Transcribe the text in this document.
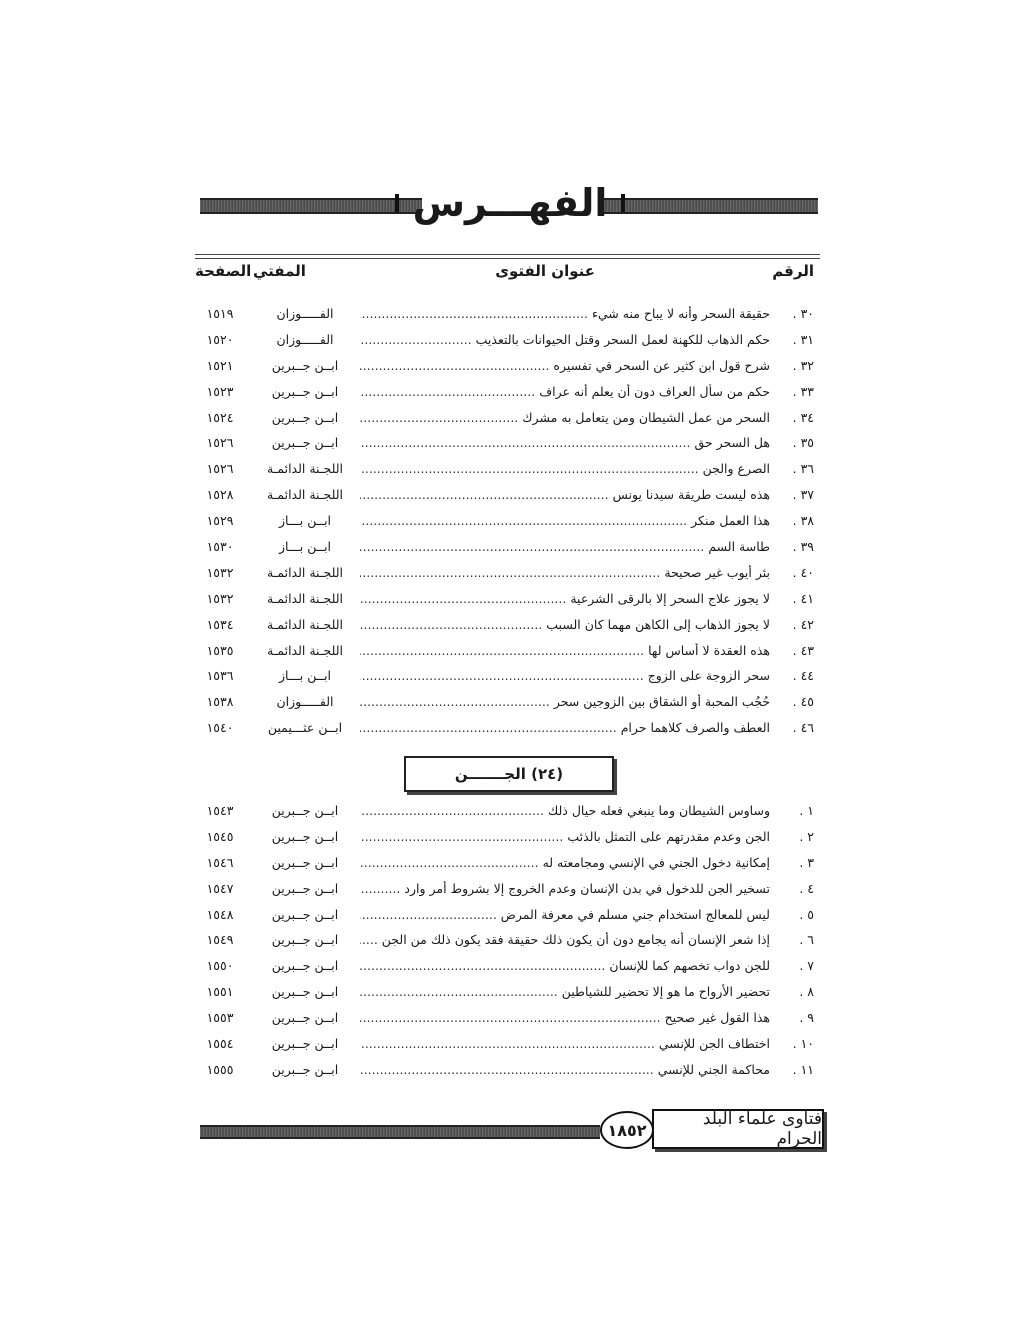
الفهـــرس
الرقم
عنوان الفتوى
المفتي
الصفحة
٣٠ .
حقيقة السحر وأنه لا يباح منه شيء .....
الفـــــوزان
١٥١٩
٣١ .
حكم الذهاب للكهنة لعمل السحر وقتل الحيوانات بالتعذيب .....
الفـــــوزان
١٥٢٠
٣٢ .
شرح قول ابن كثير عن السحر في تفسيره .....
ابــن جــبرين
١٥٢١
٣٣ .
حكم من سأل العراف دون أن يعلم أنه عراف .....
ابــن جــبرين
١٥٢٣
٣٤ .
السحر من عمل الشيطان ومن يتعامل به مشرك .....
ابــن جــبرين
١٥٢٤
٣٥ .
هل السحر حق .....
ابــن جــبرين
١٥٢٦
٣٦ .
الصرع والجن .....
اللجـنة الدائمـة
١٥٢٦
٣٧ .
هذه ليست طريقة سيدنا يونس .....
اللجـنة الدائمـة
١٥٢٨
٣٨ .
هذا العمل منكر .....
ابــن بـــاز
١٥٢٩
٣٩ .
طاسة السم .....
ابــن بـــاز
١٥٣٠
٤٠ .
بئر أيوب غير صحيحة .....
اللجـنة الدائمـة
١٥٣٢
٤١ .
لا يجوز علاج السحر إلا بالرقى الشرعية .....
اللجـنة الدائمـة
١٥٣٢
٤٢ .
لا يجوز الذهاب إلى الكاهن مهما كان السبب .....
اللجـنة الدائمـة
١٥٣٤
٤٣ .
هذه العقدة لا أساس لها .....
اللجـنة الدائمـة
١٥٣٥
٤٤ .
سحر الزوجة على الزوج .....
ابــن بـــاز
١٥٣٦
٤٥ .
حُجُب المحبة أو الشقاق بين الزوجين سحر .....
الفـــــوزان
١٥٣٨
٤٦ .
العطف والصرف كلاهما حرام .....
ابــن عثـــيمين
١٥٤٠
(٢٤)

الجـــــــن
١ .
وساوس الشيطان وما ينبغي فعله حيال ذلك .....
ابــن جــبرين
١٥٤٣
٢ .
الجن وعدم مقدرتهم على التمثل بالذئب .....
ابــن جــبرين
١٥٤٥
٣ .
إمكانية دخول الجني في الإنسي ومجامعته له .....
ابــن جــبرين
١٥٤٦
٤ .
تسخير الجن للدخول في بدن الإنسان وعدم الخروج إلا بشروط أمر وارد .....
ابــن جــبرين
١٥٤٧
٥ .
ليس للمعالج استخدام جني مسلم في معرفة المرض .....
ابــن جــبرين
١٥٤٨
٦ .
إذا شعر الإنسان أنه يجامع دون أن يكون ذلك حقيقة فقد يكون ذلك من الجن .....
ابــن جــبرين
١٥٤٩
٧ .
للجن دواب تخصهم كما للإنسان .....
ابــن جــبرين
١٥٥٠
٨ .
تحضير الأرواح ما هو إلا تحضير للشياطين .....
ابــن جــبرين
١٥٥١
٩ .
هذا القول غير صحيح .....
ابــن جــبرين
١٥٥٣
١٠ .
اختطاف الجن للإنسي .....
ابــن جــبرين
١٥٥٤
١١ .
محاكمة الجني للإنسي .....
ابــن جــبرين
١٥٥٥
١٨٥٢
فتاوى علماء البلد الحرام
